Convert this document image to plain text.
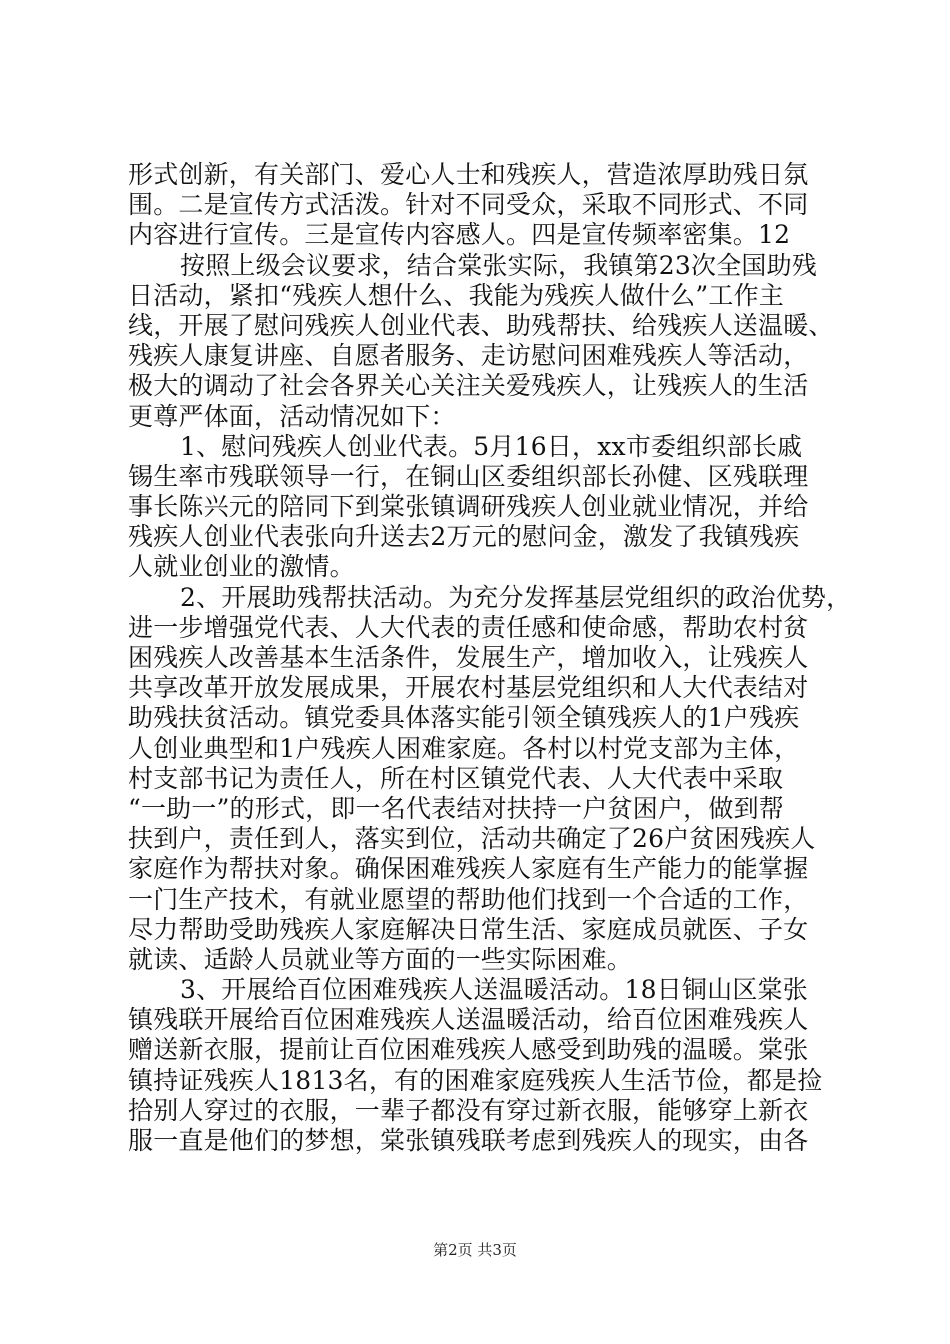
形式创新，有关部门、爱心人士和残疾人，营造浓厚助残日氛
围。二是宣传方式活泼。针对不同受众，采取不同形式、不同
内容进行宣传。三是宣传内容感人。四是宣传频率密集。12
按照上级会议要求，结合棠张实际，我镇第23次全国助残
日活动，紧扣“残疾人想什么、我能为残疾人做什么”工作主
线，开展了慰问残疾人创业代表、助残帮扶、给残疾人送温暖、
残疾人康复讲座、自愿者服务、走访慰问困难残疾人等活动，
极大的调动了社会各界关心关注关爱残疾人，让残疾人的生活
更尊严体面，活动情况如下：
1、慰问残疾人创业代表。5月16日，xx市委组织部长戚
锡生率市残联领导一行，在铜山区委组织部长孙健、区残联理
事长陈兴元的陪同下到棠张镇调研残疾人创业就业情况，并给
残疾人创业代表张向升送去2万元的慰问金，激发了我镇残疾
人就业创业的激情。
2、开展助残帮扶活动。为充分发挥基层党组织的政治优势，
进一步增强党代表、人大代表的责任感和使命感，帮助农村贫
困残疾人改善基本生活条件，发展生产，增加收入，让残疾人
共享改革开放发展成果，开展农村基层党组织和人大代表结对
助残扶贫活动。镇党委具体落实能引领全镇残疾人的1户残疾
人创业典型和1户残疾人困难家庭。各村以村党支部为主体，
村支部书记为责任人，所在村区镇党代表、人大代表中采取
“一助一”的形式，即一名代表结对扶持一户贫困户，做到帮
扶到户，责任到人，落实到位，活动共确定了26户贫困残疾人
家庭作为帮扶对象。确保困难残疾人家庭有生产能力的能掌握
一门生产技术，有就业愿望的帮助他们找到一个合适的工作，
尽力帮助受助残疾人家庭解决日常生活、家庭成员就医、子女
就读、适龄人员就业等方面的一些实际困难。
3、开展给百位困难残疾人送温暖活动。18日铜山区棠张
镇残联开展给百位困难残疾人送温暖活动，给百位困难残疾人
赠送新衣服，提前让百位困难残疾人感受到助残的温暖。棠张
镇持证残疾人1813名，有的困难家庭残疾人生活节俭，都是捡
拾别人穿过的衣服，一辈子都没有穿过新衣服，能够穿上新衣
服一直是他们的梦想，棠张镇残联考虑到残疾人的现实，由各
第2页 共3页
